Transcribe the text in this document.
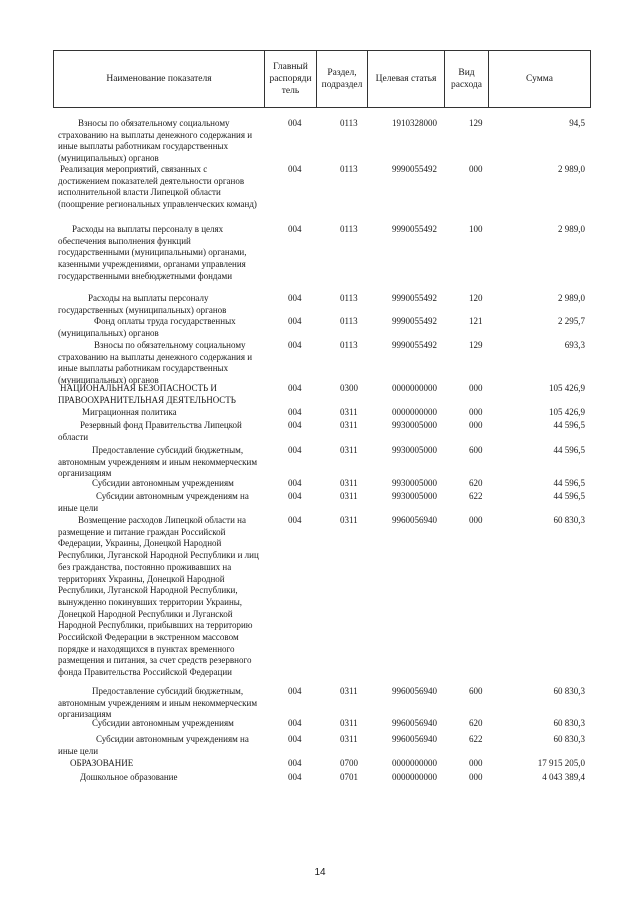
Наименование показателя	Главный
распоряди
тель	Раздел,
подраздел	Целевая статья	Вид
расхода	Сумма
Взносы по обязательному социальному
страхованию на выплаты денежного содержания и
иные выплаты работникам государственных
(муниципальных) органов
004	0113	1910328000	129	94,5
Реализация мероприятий, связанных с
достижением показателей деятельности органов
исполнительной власти Липецкой области
(поощрение региональных управленческих команд)
004	0113	9990055492	000	2 989,0
Расходы на выплаты персоналу в целях
обеспечения выполнения функций
государственными (муниципальными) органами,
казенными учреждениями, органами управления
государственными внебюджетными фондами
004	0113	9990055492	100	2 989,0
Расходы на выплаты персоналу
государственных (муниципальных) органов
004	0113	9990055492	120	2 989,0
Фонд оплаты труда государственных
(муниципальных) органов
004	0113	9990055492	121	2 295,7
Взносы по обязательному социальному
страхованию на выплаты денежного содержания и
иные выплаты работникам государственных
(муниципальных) органов
004	0113	9990055492	129	693,3
НАЦИОНАЛЬНАЯ БЕЗОПАСНОСТЬ И
ПРАВООХРАНИТЕЛЬНАЯ ДЕЯТЕЛЬНОСТЬ
004	0300	0000000000	000	105 426,9
Миграционная политика	004	0311	0000000000	000	105 426,9
Резервный фонд Правительства Липецкой
области
004	0311	9930005000	000	44 596,5
Предоставление субсидий бюджетным,
автономным учреждениям и иным некоммерческим
организациям
004	0311	9930005000	600	44 596,5
Субсидии автономным учреждениям	004	0311	9930005000	620	44 596,5
Субсидии автономным учреждениям на
иные цели
004	0311	9930005000	622	44 596,5
Возмещение расходов Липецкой области на
размещение и питание граждан Российской
Федерации, Украины, Донецкой Народной
Республики, Луганской Народной Республики и лиц
без гражданства, постоянно проживавших на
территориях Украины, Донецкой Народной
Республики, Луганской Народной Республики,
вынужденно покинувших территории Украины,
Донецкой Народной Республики и Луганской
Народной Республики, прибывших на территорию
Российской Федерации в экстренном массовом
порядке и находящихся в пунктах временного
размещения и питания, за счет средств резервного
фонда Правительства Российской Федерации
004	0311	9960056940	000	60 830,3
Предоставление субсидий бюджетным,
автономным учреждениям и иным некоммерческим
организациям
004	0311	9960056940	600	60 830,3
Субсидии автономным учреждениям	004	0311	9960056940	620	60 830,3
Субсидии автономным учреждениям на
иные цели
004	0311	9960056940	622	60 830,3
ОБРАЗОВАНИЕ	004	0700	0000000000	000	17 915 205,0
Дошкольное образование	004	0701	0000000000	000	4 043 389,4
14
